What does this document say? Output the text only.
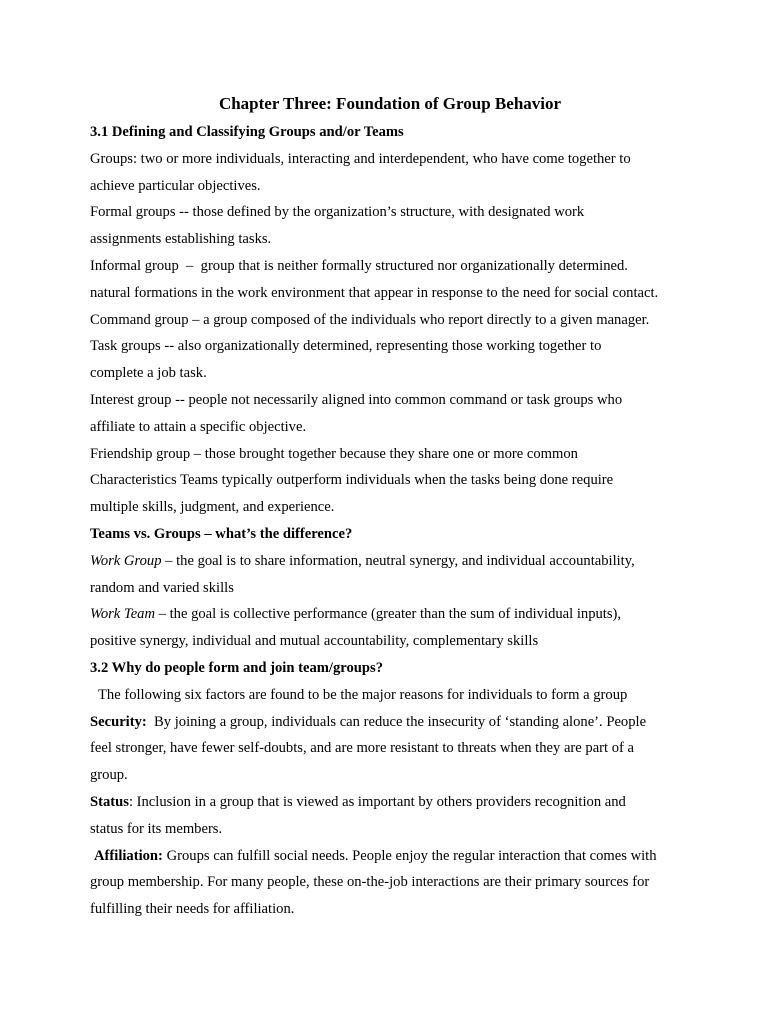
Chapter Three: Foundation of Group Behavior

3.1 Defining and Classifying Groups and/or Teams

Groups: two or more individuals, interacting and interdependent, who have come together to

achieve particular objectives.

Formal groups -- those defined by the organization’s structure, with designated work

assignments establishing tasks.

Informal group  –  group that is neither formally structured nor organizationally determined.

natural formations in the work environment that appear in response to the need for social contact.

Command group – a group composed of the individuals who report directly to a given manager.

Task groups -- also organizationally determined, representing those working together to

complete a job task.

Interest group -- people not necessarily aligned into common command or task groups who

affiliate to attain a specific objective.

Friendship group – those brought together because they share one or more common

Characteristics Teams typically outperform individuals when the tasks being done require

multiple skills, judgment, and experience.

Teams vs. Groups – what’s the difference?

Work Group – the goal is to share information, neutral synergy, and individual accountability,

random and varied skills

Work Team – the goal is collective performance (greater than the sum of individual inputs),

positive synergy, individual and mutual accountability, complementary skills

3.2 Why do people form and join team/groups?

The following six factors are found to be the major reasons for individuals to form a group

Security:  By joining a group, individuals can reduce the insecurity of ‘standing alone’. People

feel stronger, have fewer self-doubts, and are more resistant to threats when they are part of a

group.

Status: Inclusion in a group that is viewed as important by others providers recognition and

status for its members.

Affiliation: Groups can fulfill social needs. People enjoy the regular interaction that comes with

group membership. For many people, these on-the-job interactions are their primary sources for

fulfilling their needs for affiliation.
